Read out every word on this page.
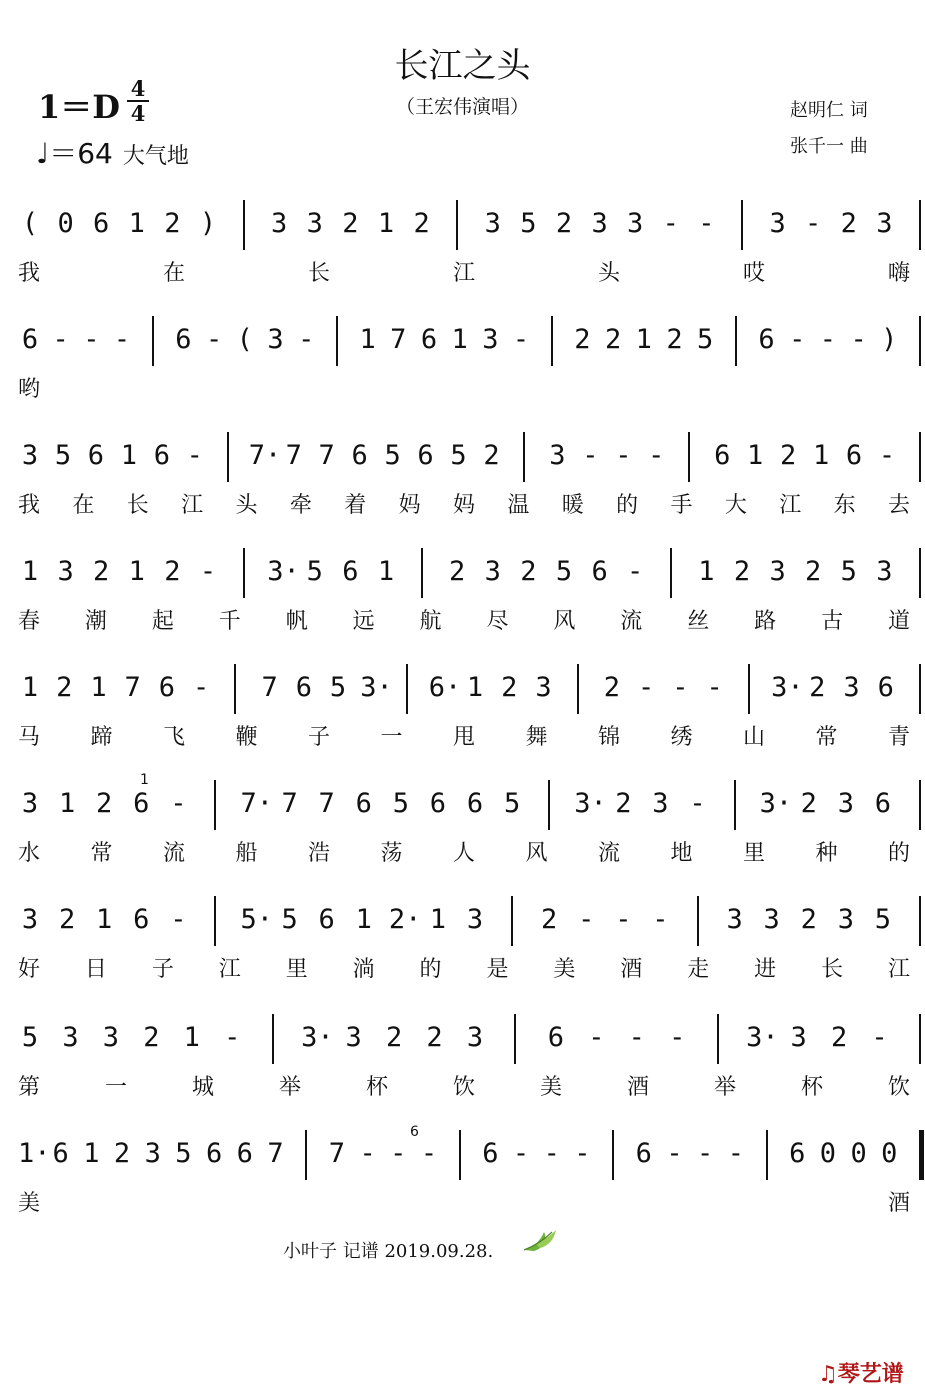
长江之头
（王宏伟演唱）
1＝D 4
4
♩＝64 大气地
赵明仁 词
张千一 曲
( 0 6 1 2 ) 3 3 2 1 2 3 5 2 3 3 - - 3 - 2 3
我	在	长	江	头	哎	嗨
6 - - - 6 - ( 3 - 1 7 6 1 3 - 2 2 1 2 5 6 - - - )
哟
3 5 6 1 6 - 7· 7 7 6 5 6 5 2 3 - - - 6 1 2 1 6 -
我 在 长 江 头 牵 着 妈 妈 温 暖 的 手 大 江 东 去
1 3 2 1 2 - 3· 5 6 1 2 3 2 5 6 - 1 2 3 2 5 3
春 潮 起 千 帆 远 航 尽 风 流 丝 路 古 道
1 2 1 7 6 - 7 6 5 3· 6· 1 2 3 2 - - - 3· 2 3 6
马 蹄 飞 鞭 子 一 甩 舞 锦 绣 山 常 青
3 1 2 6 - 7· 7 7 6 5 6 6 5 3· 2 3 - 3· 2 3 6
水 常 流 船 浩 荡 人 风 流 地 里 种 的
3 2 1 6 - 5· 5 6 1 2· 1 3 2 - - - 3 3 2 3 5
好 日 子 江 里 淌 的 是 美 酒 走 进 长 江
5 3 3 2 1 - 3· 3 2 2 3 6 - - - 3· 3 2 -
第	一	城	举	杯	饮	美	酒	举	杯	饮
1· 6 1 2 3 5 6 6 7 7 - - - 6 - - - 6 - - - 6 0 0 0
美	酒
小叶子 记谱 2019.09.28.
♫琴艺谱
1
6
